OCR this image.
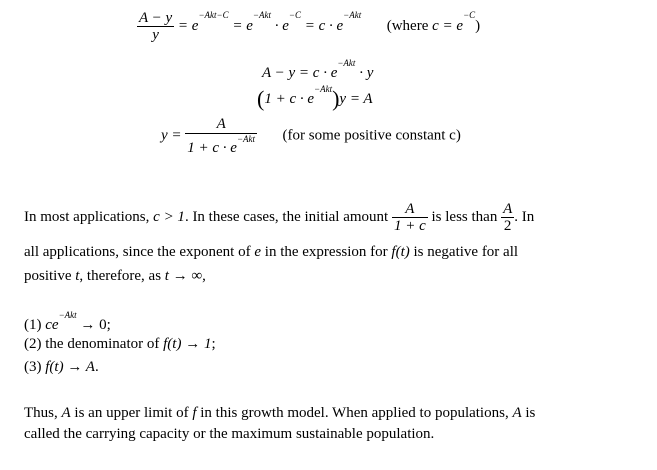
$\frac{A - y}{y} = e^{-Akt-C} = e^{-Akt} \cdot e^{-C} = c \cdot e^{-Akt}$  (where $c = e^{-C}$)
$A - y = c \cdot e^{-Akt} \cdot y$
$(1 + c \cdot e^{-Akt})y = A$
$y = \frac{A}{1 + c \cdot e^{-Akt}} (for$ some positive constant c)
In most applications, c > 1. In these cases, the initial amount $\frac{A}{1 + c}$ is less than $\frac{A}{2}$ . In
all applications, since the exponent of e in the expression for f(t) is negative for all
positive t, therefore, as t → ∞,
(1) $ce^{-Akt} \to 0$;
(2) the denominator of f(t) → 1;
(3) f(t) → A.
Thus, A is an upper limit of f in this growth model. When applied to populations, A is
called the carrying capacity or the maximum sustainable population.
